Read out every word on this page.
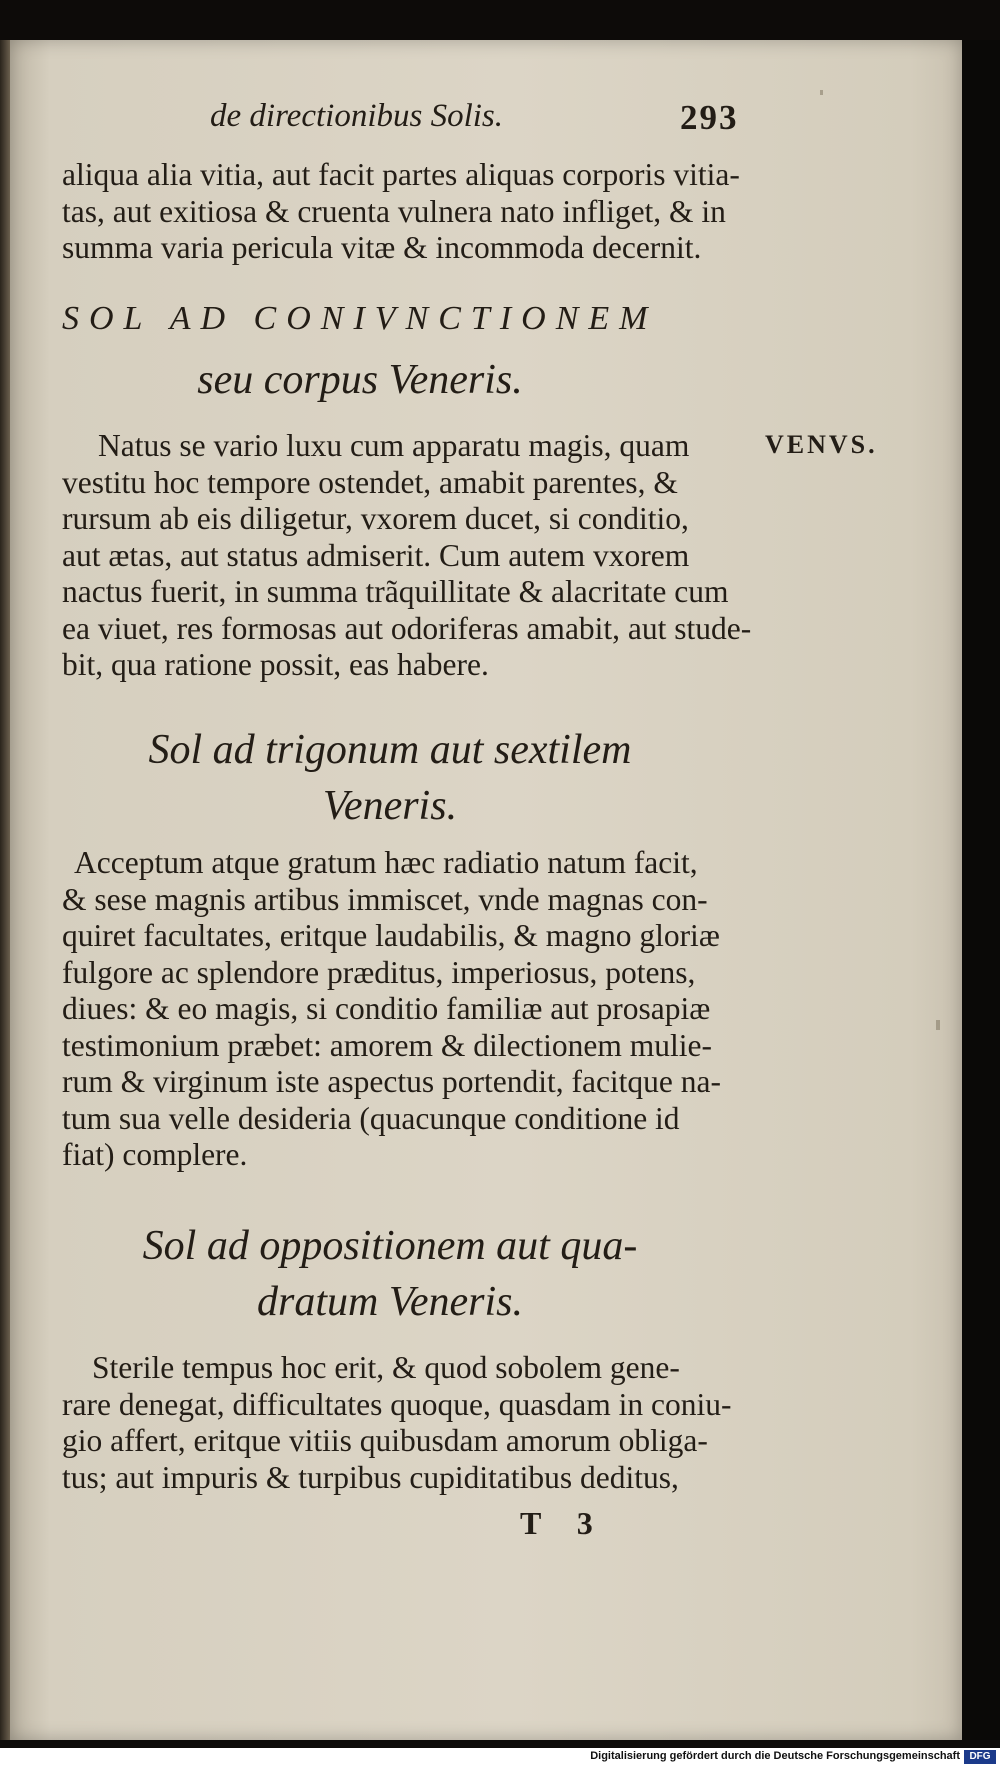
de directionibus Solis.	293
aliqua alia vitia, aut facit partes aliquas corporis vitia-
tas, aut exitiosa & cruenta vulnera nato infliget, & in
summa varia pericula vitæ & incommoda decernit.
SOL AD CONIVNCTIONEM
seu corpus Veneris.
VENVS.
Natus se vario luxu cum apparatu magis, quam
vestitu hoc tempore ostendet, amabit parentes, &
rursum ab eis diligetur, vxorem ducet, si conditio,
aut ætas, aut status admiserit. Cum autem vxorem
nactus fuerit, in summa trãquillitate & alacritate cum
ea viuet, res formosas aut odoriferas amabit, aut stude-
bit, qua ratione possit, eas habere.
Sol ad trigonum aut sextilem
Veneris.
Acceptum atque gratum hæc radiatio natum facit,
& sese magnis artibus immiscet, vnde magnas con-
quiret facultates, eritque laudabilis, & magno gloriæ
fulgore ac splendore præditus, imperiosus, potens,
diues: & eo magis, si conditio familiæ aut prosapiæ
testimonium præbet: amorem & dilectionem mulie-
rum & virginum iste aspectus portendit, facitque na-
tum sua velle desideria (quacunque conditione id
fiat) complere.
Sol ad oppositionem aut qua-
dratum Veneris.
Sterile tempus hoc erit, & quod sobolem gene-
rare denegat, difficultates quoque, quasdam in coniu-
gio affert, eritque vitiis quibusdam amorum obliga-
tus; aut impuris & turpibus cupiditatibus deditus,
T 3
Digitalisierung gefördert durch die Deutsche Forschungsgemeinschaft DFG
